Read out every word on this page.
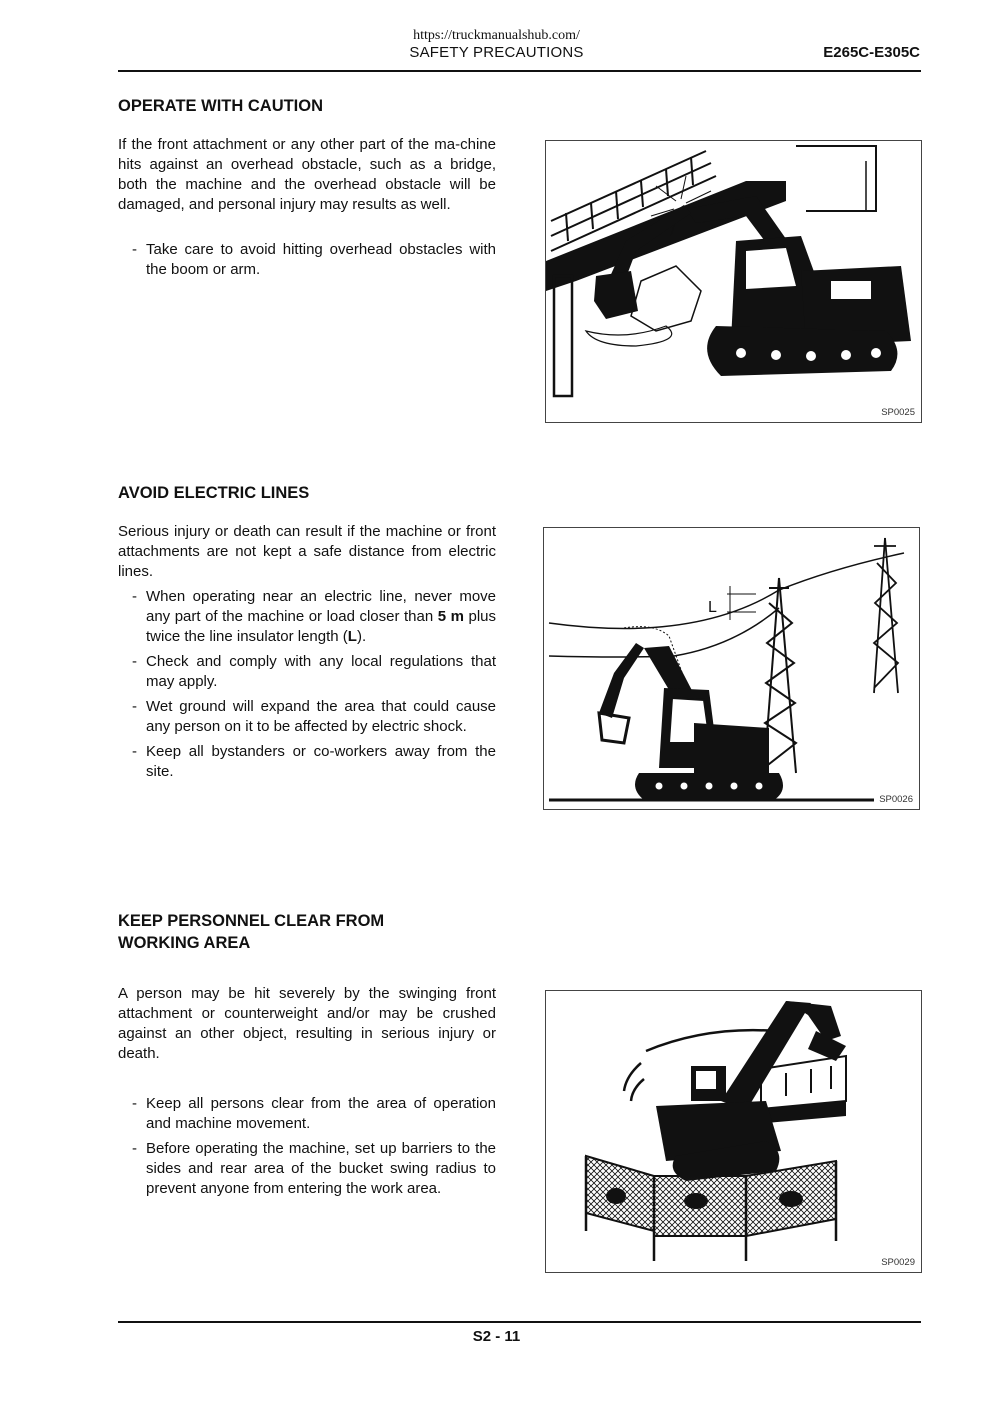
https://truckmanualshub.com/
SAFETY PRECAUTIONS	E265C-E305C
OPERATE WITH CAUTION
If the front attachment or any other part of the ma-chine hits against an overhead obstacle, such as a bridge, both the machine and the overhead obstacle will be damaged, and personal injury may results as well.
- Take care to avoid hitting overhead obstacles with the boom or arm.
SP0025
AVOID ELECTRIC LINES
Serious injury or death can result if the machine or front attachments are not kept a safe distance from electric lines.
- When operating near an electric line, never move any part of the machine or load closer than 5 m plus twice the line insulator length (L).
- Check and comply with any local regulations that may apply.
- Wet ground will expand the area that could cause any person on it to be affected by electric shock.
- Keep all bystanders or co-workers away from the site.
L
SP0026
KEEP PERSONNEL CLEAR FROM
WORKING AREA
A person may be hit severely by the swinging front attachment or counterweight and/or may be crushed against an other object, resulting in serious injury or death.
- Keep all persons clear from the area of operation and machine movement.
- Before operating the machine, set up barriers to the sides and rear area of the bucket swing radius to prevent anyone from entering the work area.
SP0029
S2 - 11
